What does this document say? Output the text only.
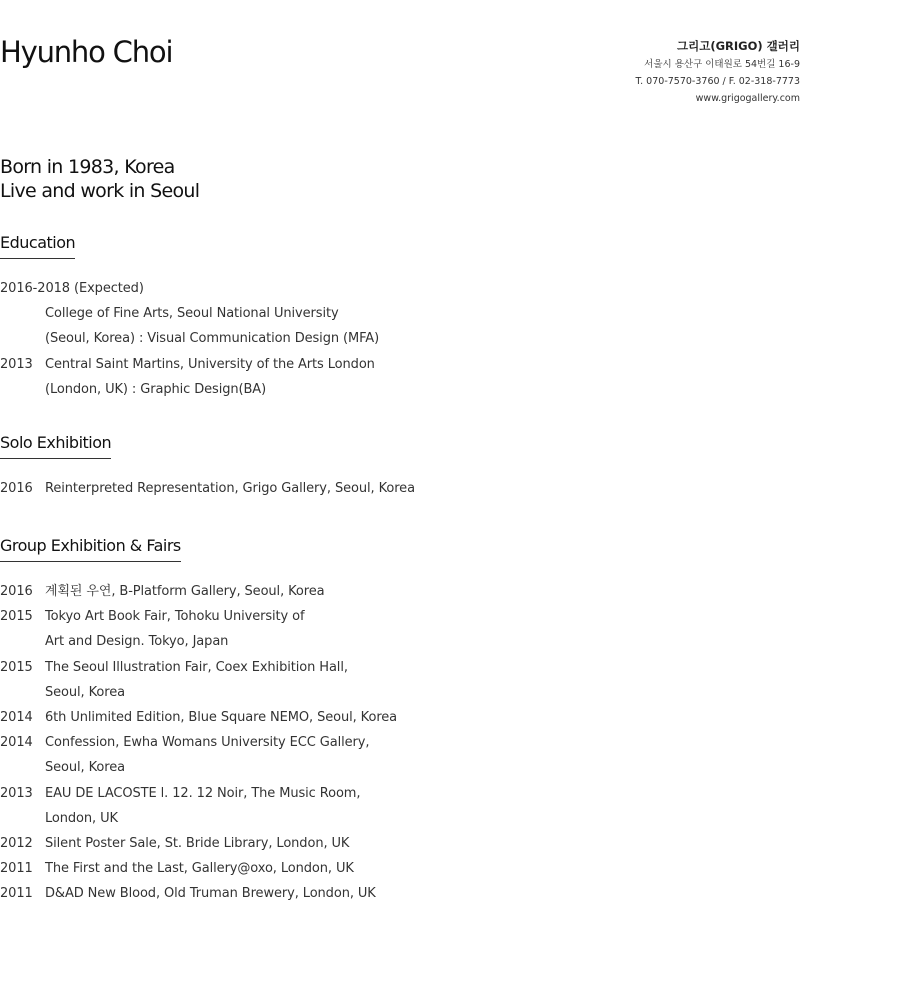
Hyunho Choi	그리고(GRIGO) 갤러리
서울시 용산구 이태원로 54번길 16-9
T. 070-7570-3760 / F. 02-318-7773
www.grigogallery.com
Born in 1983, Korea
Live and work in Seoul
Education
2016-2018 (Expected)
College of Fine Arts, Seoul National University
(Seoul, Korea) : Visual Communication Design (MFA)
2013 Central Saint Martins, University of the Arts London
(London, UK) : Graphic Design(BA)
Solo Exhibition
2016 Reinterpreted Representation, Grigo Gallery, Seoul, Korea
Group Exhibition & Fairs
2016 계획된 우연, B-Platform Gallery, Seoul, Korea
2015 Tokyo Art Book Fair, Tohoku University of
Art and Design. Tokyo, Japan
2015 The Seoul Illustration Fair, Coex Exhibition Hall,
Seoul, Korea
2014 6th Unlimited Edition, Blue Square NEMO, Seoul, Korea
2014 Confession, Ewha Womans University ECC Gallery,
Seoul, Korea
2013 EAU DE LACOSTE l. 12. 12 Noir, The Music Room,
London, UK
2012 Silent Poster Sale, St. Bride Library, London, UK
2011 The First and the Last, Gallery@oxo, London, UK
2011 D&AD New Blood, Old Truman Brewery, London, UK
